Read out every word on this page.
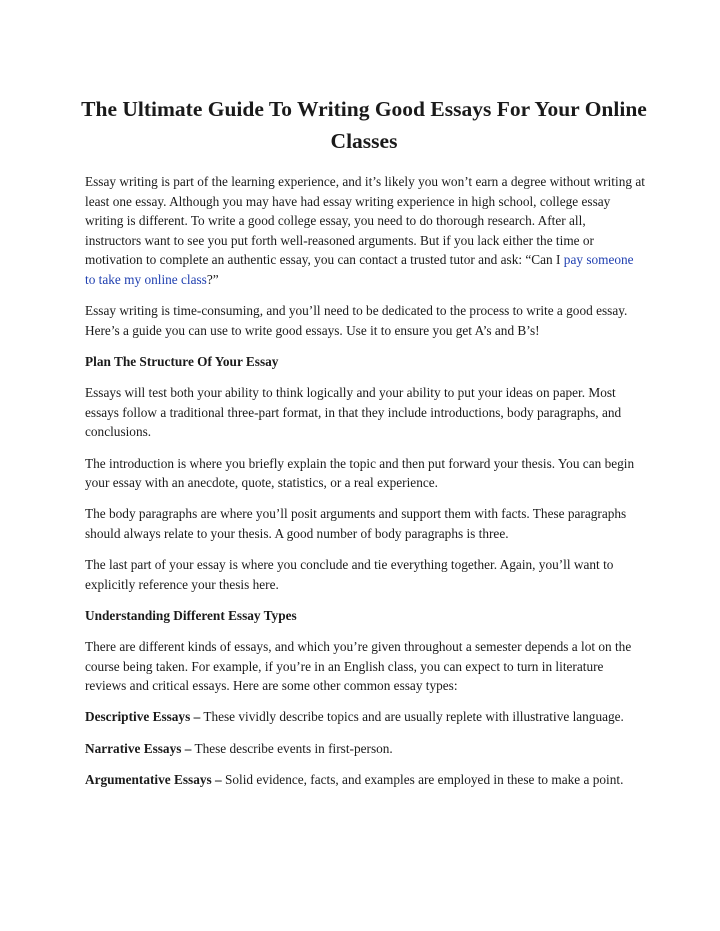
The Ultimate Guide To Writing Good Essays For Your Online Classes

Essay writing is part of the learning experience, and it’s likely you won’t earn a degree without writing at least one essay. Although you may have had essay writing experience in high school, college essay writing is different. To write a good college essay, you need to do thorough research. After all, instructors want to see you put forth well-reasoned arguments. But if you lack either the time or motivation to complete an authentic essay, you can contact a trusted tutor and ask: “Can I pay someone to take my online class?”

Essay writing is time-consuming, and you’ll need to be dedicated to the process to write a good essay. Here’s a guide you can use to write good essays. Use it to ensure you get A’s and B’s!

Plan The Structure Of Your Essay

Essays will test both your ability to think logically and your ability to put your ideas on paper. Most essays follow a traditional three-part format, in that they include introductions, body paragraphs, and conclusions.

The introduction is where you briefly explain the topic and then put forward your thesis. You can begin your essay with an anecdote, quote, statistics, or a real experience.

The body paragraphs are where you’ll posit arguments and support them with facts. These paragraphs should always relate to your thesis. A good number of body paragraphs is three.

The last part of your essay is where you conclude and tie everything together. Again, you’ll want to explicitly reference your thesis here.

Understanding Different Essay Types

There are different kinds of essays, and which you’re given throughout a semester depends a lot on the course being taken. For example, if you’re in an English class, you can expect to turn in literature reviews and critical essays. Here are some other common essay types:

Descriptive Essays – These vividly describe topics and are usually replete with illustrative language.

Narrative Essays – These describe events in first-person.

Argumentative Essays – Solid evidence, facts, and examples are employed in these to make a point.
